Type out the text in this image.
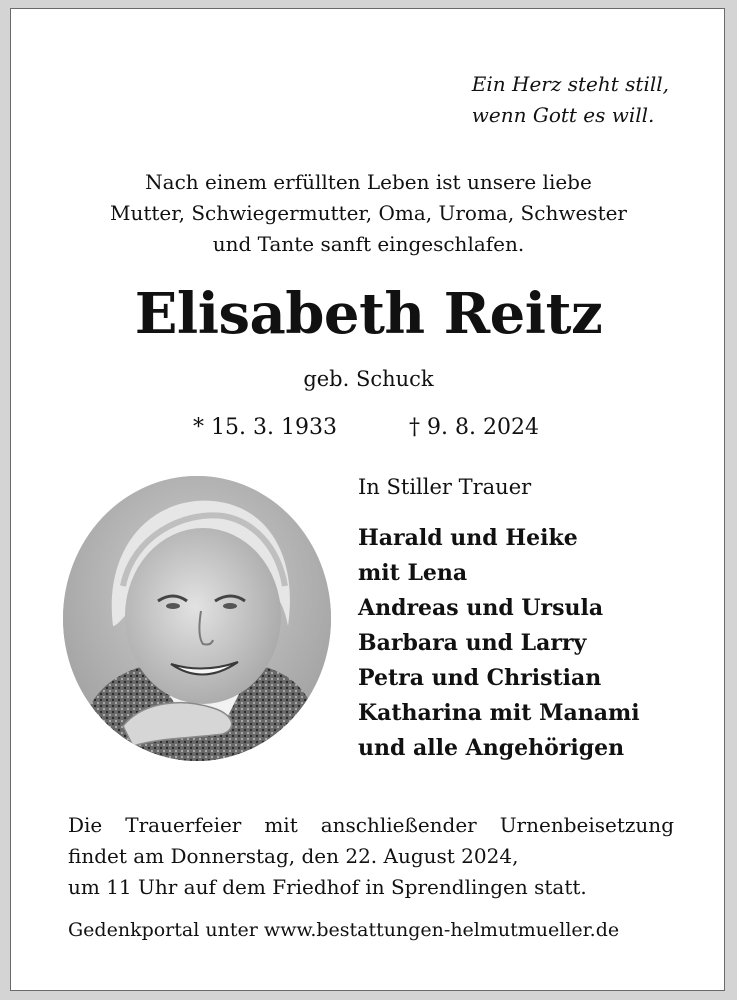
Ein Herz steht still,
wenn Gott es will.
Nach einem erfüllten Leben ist unsere liebe
Mutter, Schwiegermutter, Oma, Uroma, Schwester
und Tante sanft eingeschlafen.
Elisabeth Reitz
geb. Schuck
* 15. 3. 1933	† 9. 8. 2024
In Stiller Trauer
Harald und Heike
mit Lena
Andreas und Ursula
Barbara und Larry
Petra und Christian
Katharina mit Manami
und alle Angehörigen
Die Trauerfeier mit anschließender Urnenbeisetzung
findet am Donnerstag, den 22. August 2024,
um 11 Uhr auf dem Friedhof in Sprendlingen statt.
Gedenkportal unter www.bestattungen-helmutmueller.de
